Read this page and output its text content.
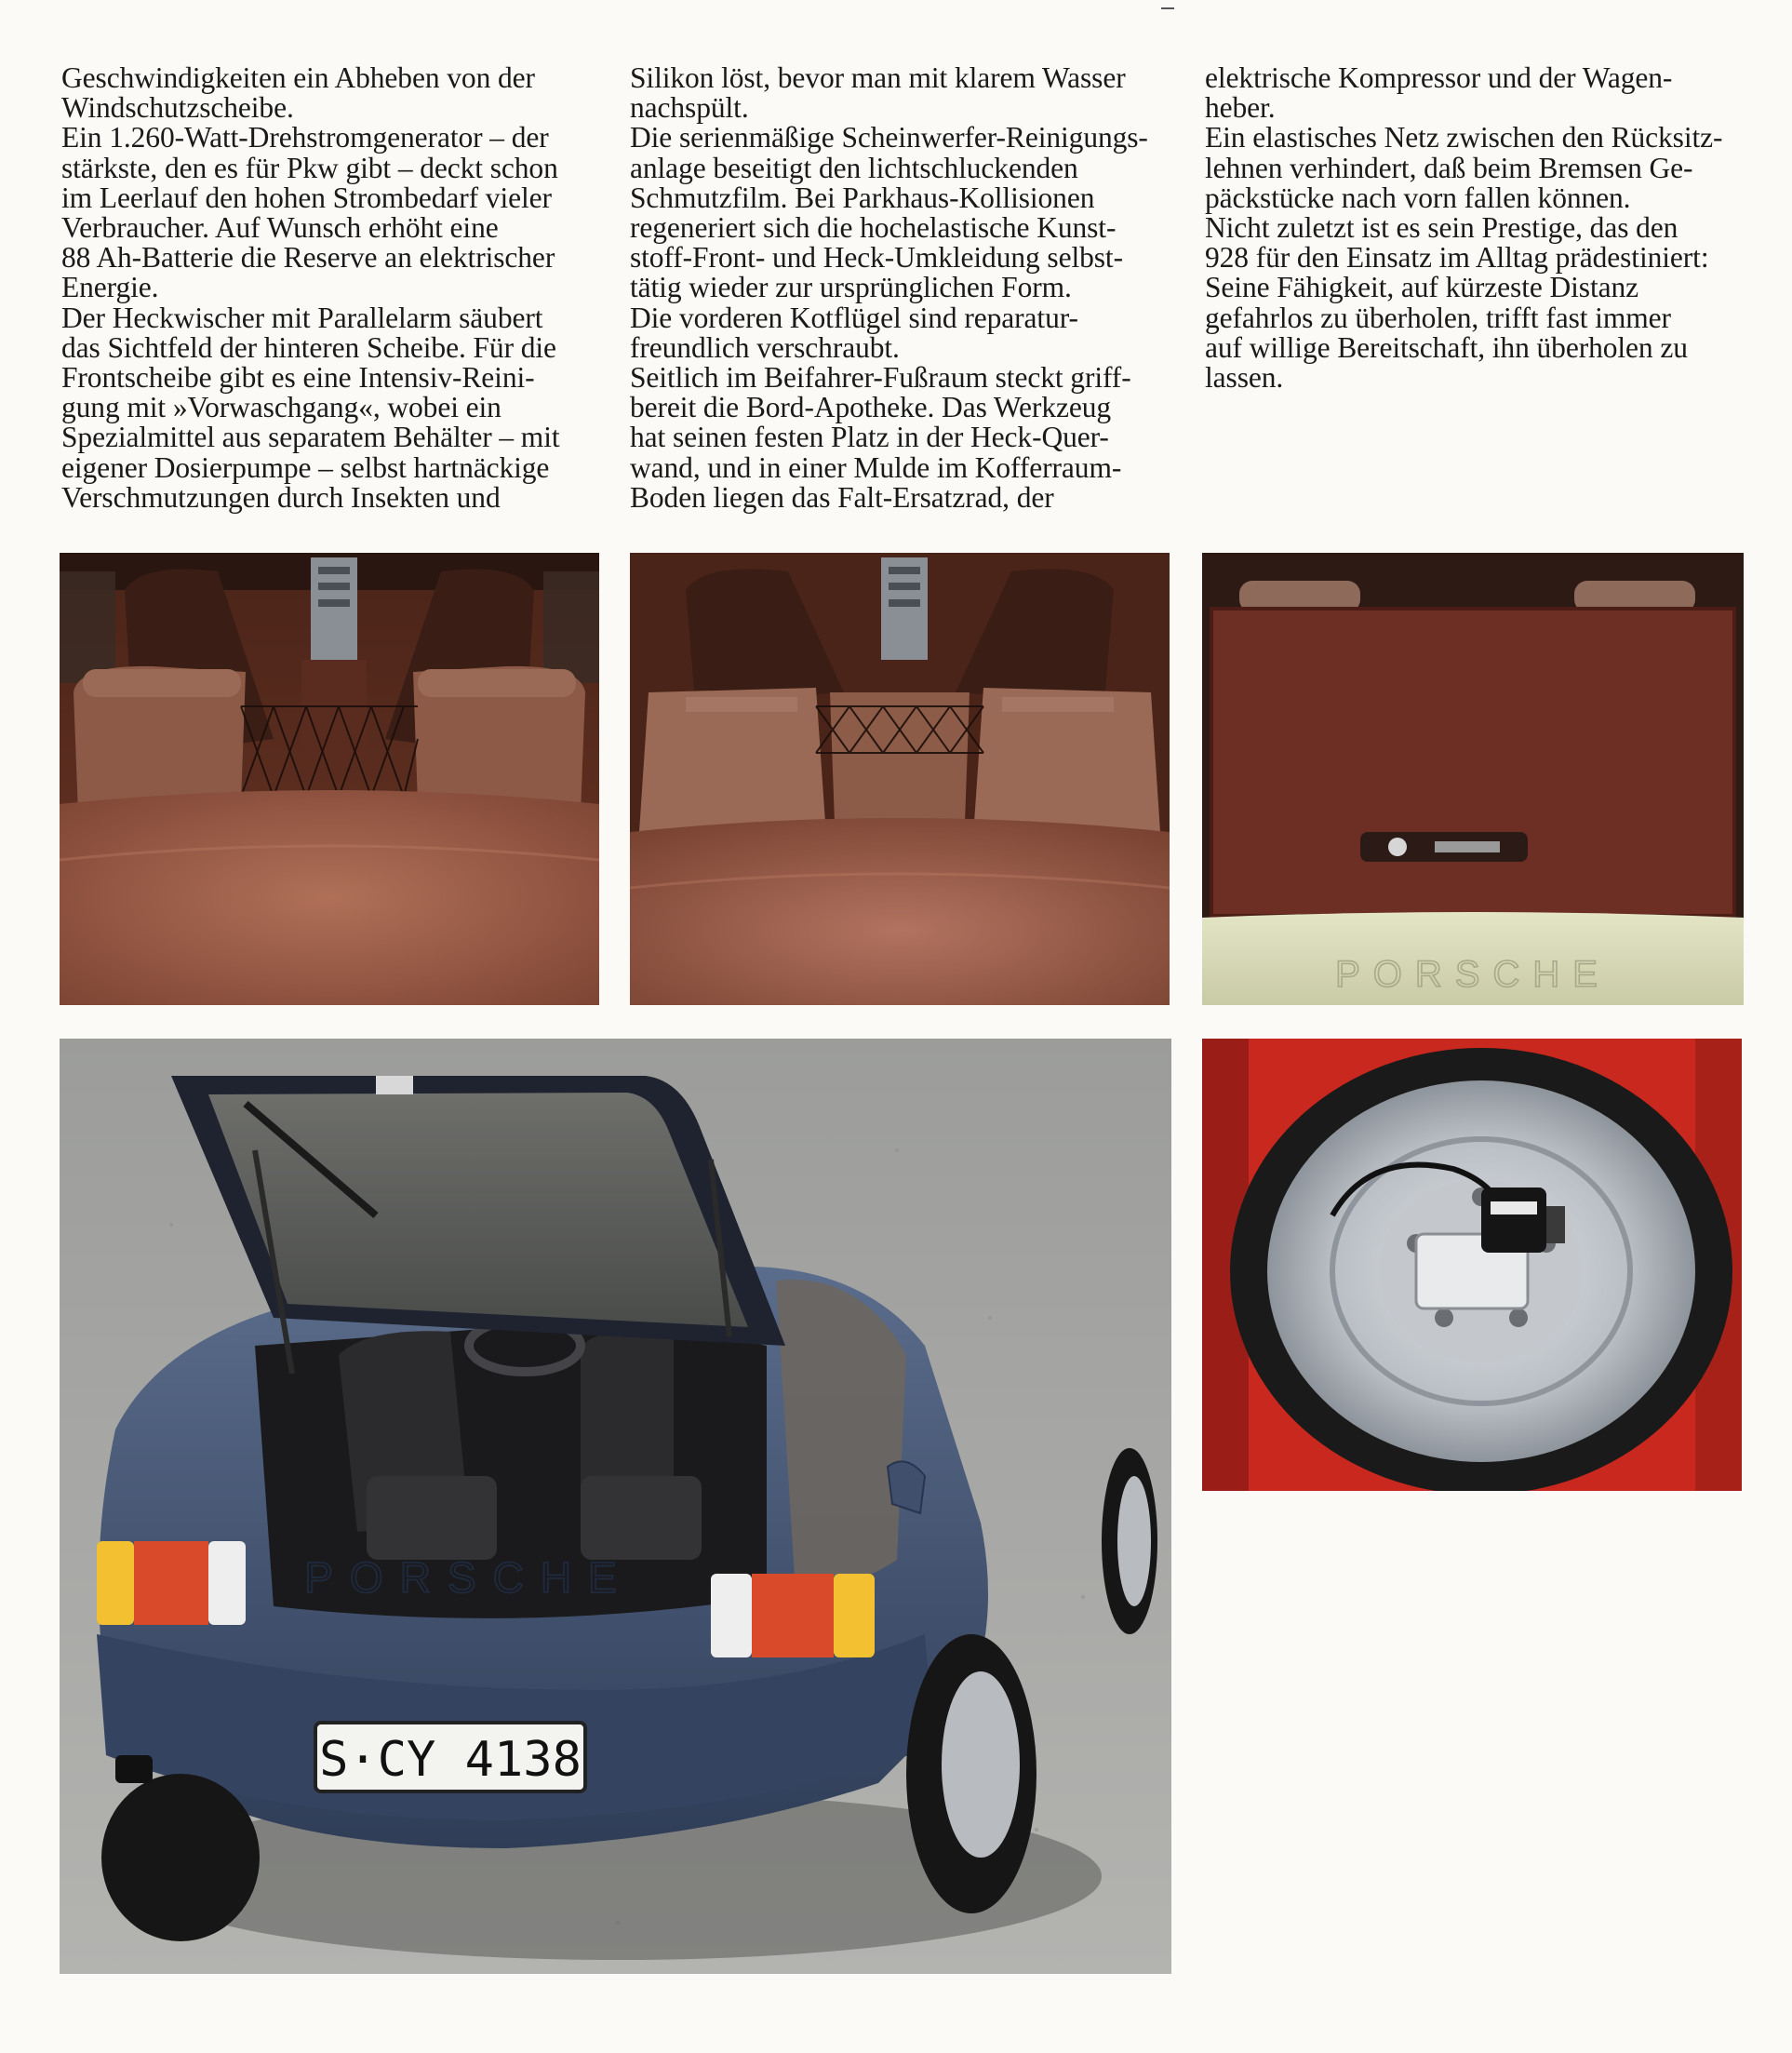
Geschwindigkeiten ein Abheben von der

Windschutzscheibe.

Ein 1.260-Watt-Drehstromgenerator – der

stärkste, den es für Pkw gibt – deckt schon

im Leerlauf den hohen Strombedarf vieler

Verbraucher. Auf Wunsch erhöht eine

88 Ah-Batterie die Reserve an elektrischer

Energie.

Der Heckwischer mit Parallelarm säubert

das Sichtfeld der hinteren Scheibe. Für die

Frontscheibe gibt es eine Intensiv-Reini-

gung mit »Vorwaschgang«, wobei ein

Spezialmittel aus separatem Behälter – mit

eigener Dosierpumpe – selbst hartnäckige

Verschmutzungen durch Insekten und

Silikon löst, bevor man mit klarem Wasser

nachspült.

Die serienmäßige Scheinwerfer-Reinigungs-

anlage beseitigt den lichtschluckenden

Schmutzfilm. Bei Parkhaus-Kollisionen

regeneriert sich die hochelastische Kunst-

stoff-Front- und Heck-Umkleidung selbst-

tätig wieder zur ursprünglichen Form.

Die vorderen Kotflügel sind reparatur-

freundlich verschraubt.

Seitlich im Beifahrer-Fußraum steckt griff-

bereit die Bord-Apotheke. Das Werkzeug

hat seinen festen Platz in der Heck-Quer-

wand, und in einer Mulde im Kofferraum-

Boden liegen das Falt-Ersatzrad, der

elektrische Kompressor und der Wagen-

heber.

Ein elastisches Netz zwischen den Rücksitz-

lehnen verhindert, daß beim Bremsen Ge-

päckstücke nach vorn fallen können.

Nicht zuletzt ist es sein Prestige, das den

928 für den Einsatz im Alltag prädestiniert:

Seine Fähigkeit, auf kürzeste Distanz

gefahrlos zu überholen, trifft fast immer

auf willige Bereitschaft, ihn überholen zu

lassen.

PORSCHE
PORSCHE
S·CY 4138
